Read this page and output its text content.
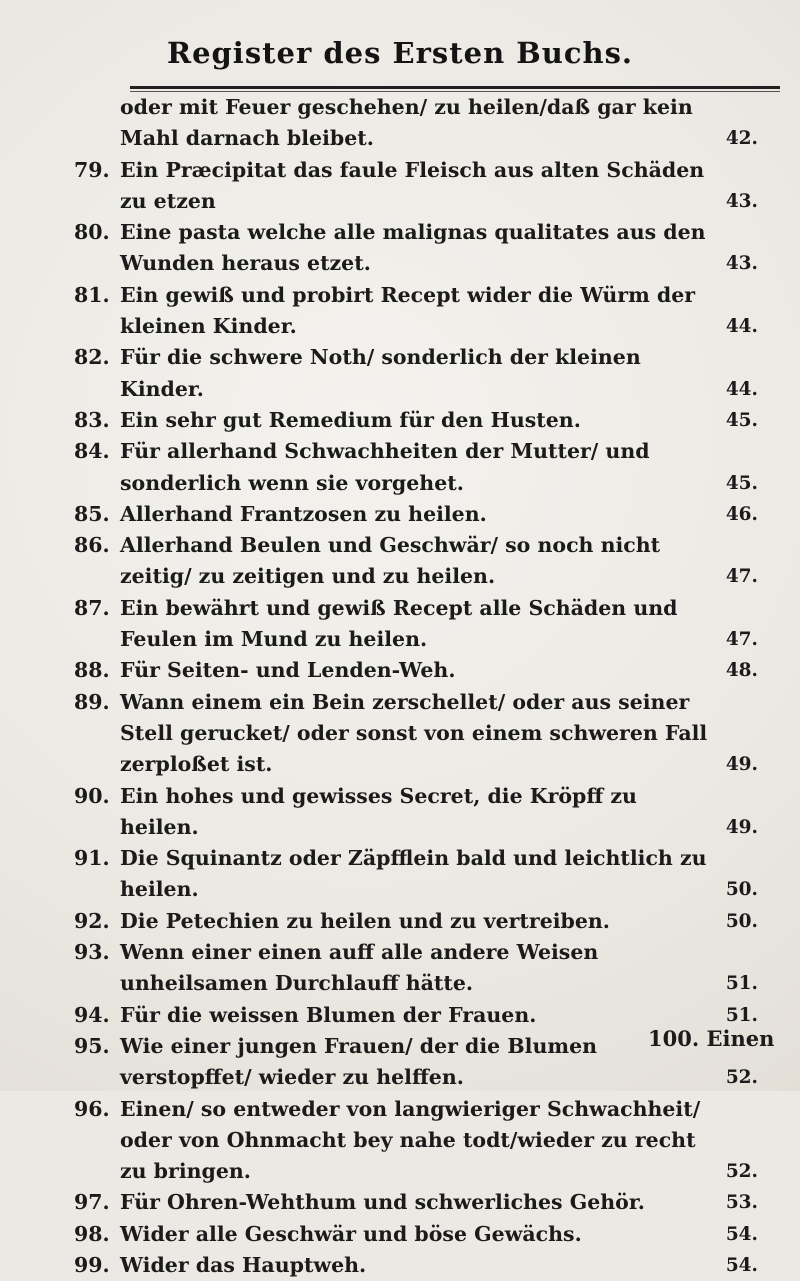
Register des Ersten Buchs.
oder mit Feuer geschehen/ zu heilen/daß gar kein Mahl darnach bleibet.	42.
79. Ein Præcipitat das faule Fleisch aus alten Schäden zu etzen	43.
80. Eine pasta welche alle malignas qualitates aus den Wunden heraus etzet.	43.
81. Ein gewiß und probirt Recept wider die Würm der kleinen Kinder.	44.
82. Für die schwere Noth/ sonderlich der kleinen Kinder.	44.
83. Ein sehr gut Remedium für den Husten.	45.
84. Für allerhand Schwachheiten der Mutter/ und sonderlich wenn sie vorgehet.	45.
85. Allerhand Frantzosen zu heilen.	46.
86. Allerhand Beulen und Geschwär/ so noch nicht zeitig/ zu zeitigen und zu heilen.	47.
87. Ein bewährt und gewiß Recept alle Schäden und Feulen im Mund zu heilen.	47.
88. Für Seiten- und Lenden-Weh.	48.
89. Wann einem ein Bein zerschellet/ oder aus seiner Stell gerucket/ oder sonst von einem schweren Fall zerploßet ist.	49.
90. Ein hohes und gewisses Secret, die Kröpff zu heilen.	49.
91. Die Squinantz oder Zäpfflein bald und leichtlich zu heilen.	50.
92. Die Petechien zu heilen und zu vertreiben.	50.
93. Wenn einer einen auff alle andere Weisen unheilsamen Durchlauff hätte.	51.
94. Für die weissen Blumen der Frauen.	51.
95. Wie einer jungen Frauen/ der die Blumen verstopffet/ wieder zu helffen.	52.
96. Einen/ so entweder von langwieriger Schwachheit/ oder von Ohnmacht bey nahe todt/wieder zu recht zu bringen.	52.
97. Für Ohren-Wehthum und schwerliches Gehör.	53.
98. Wider alle Geschwär und böse Gewächs.	54.
99. Wider das Hauptweh.	54.
100. Einen
